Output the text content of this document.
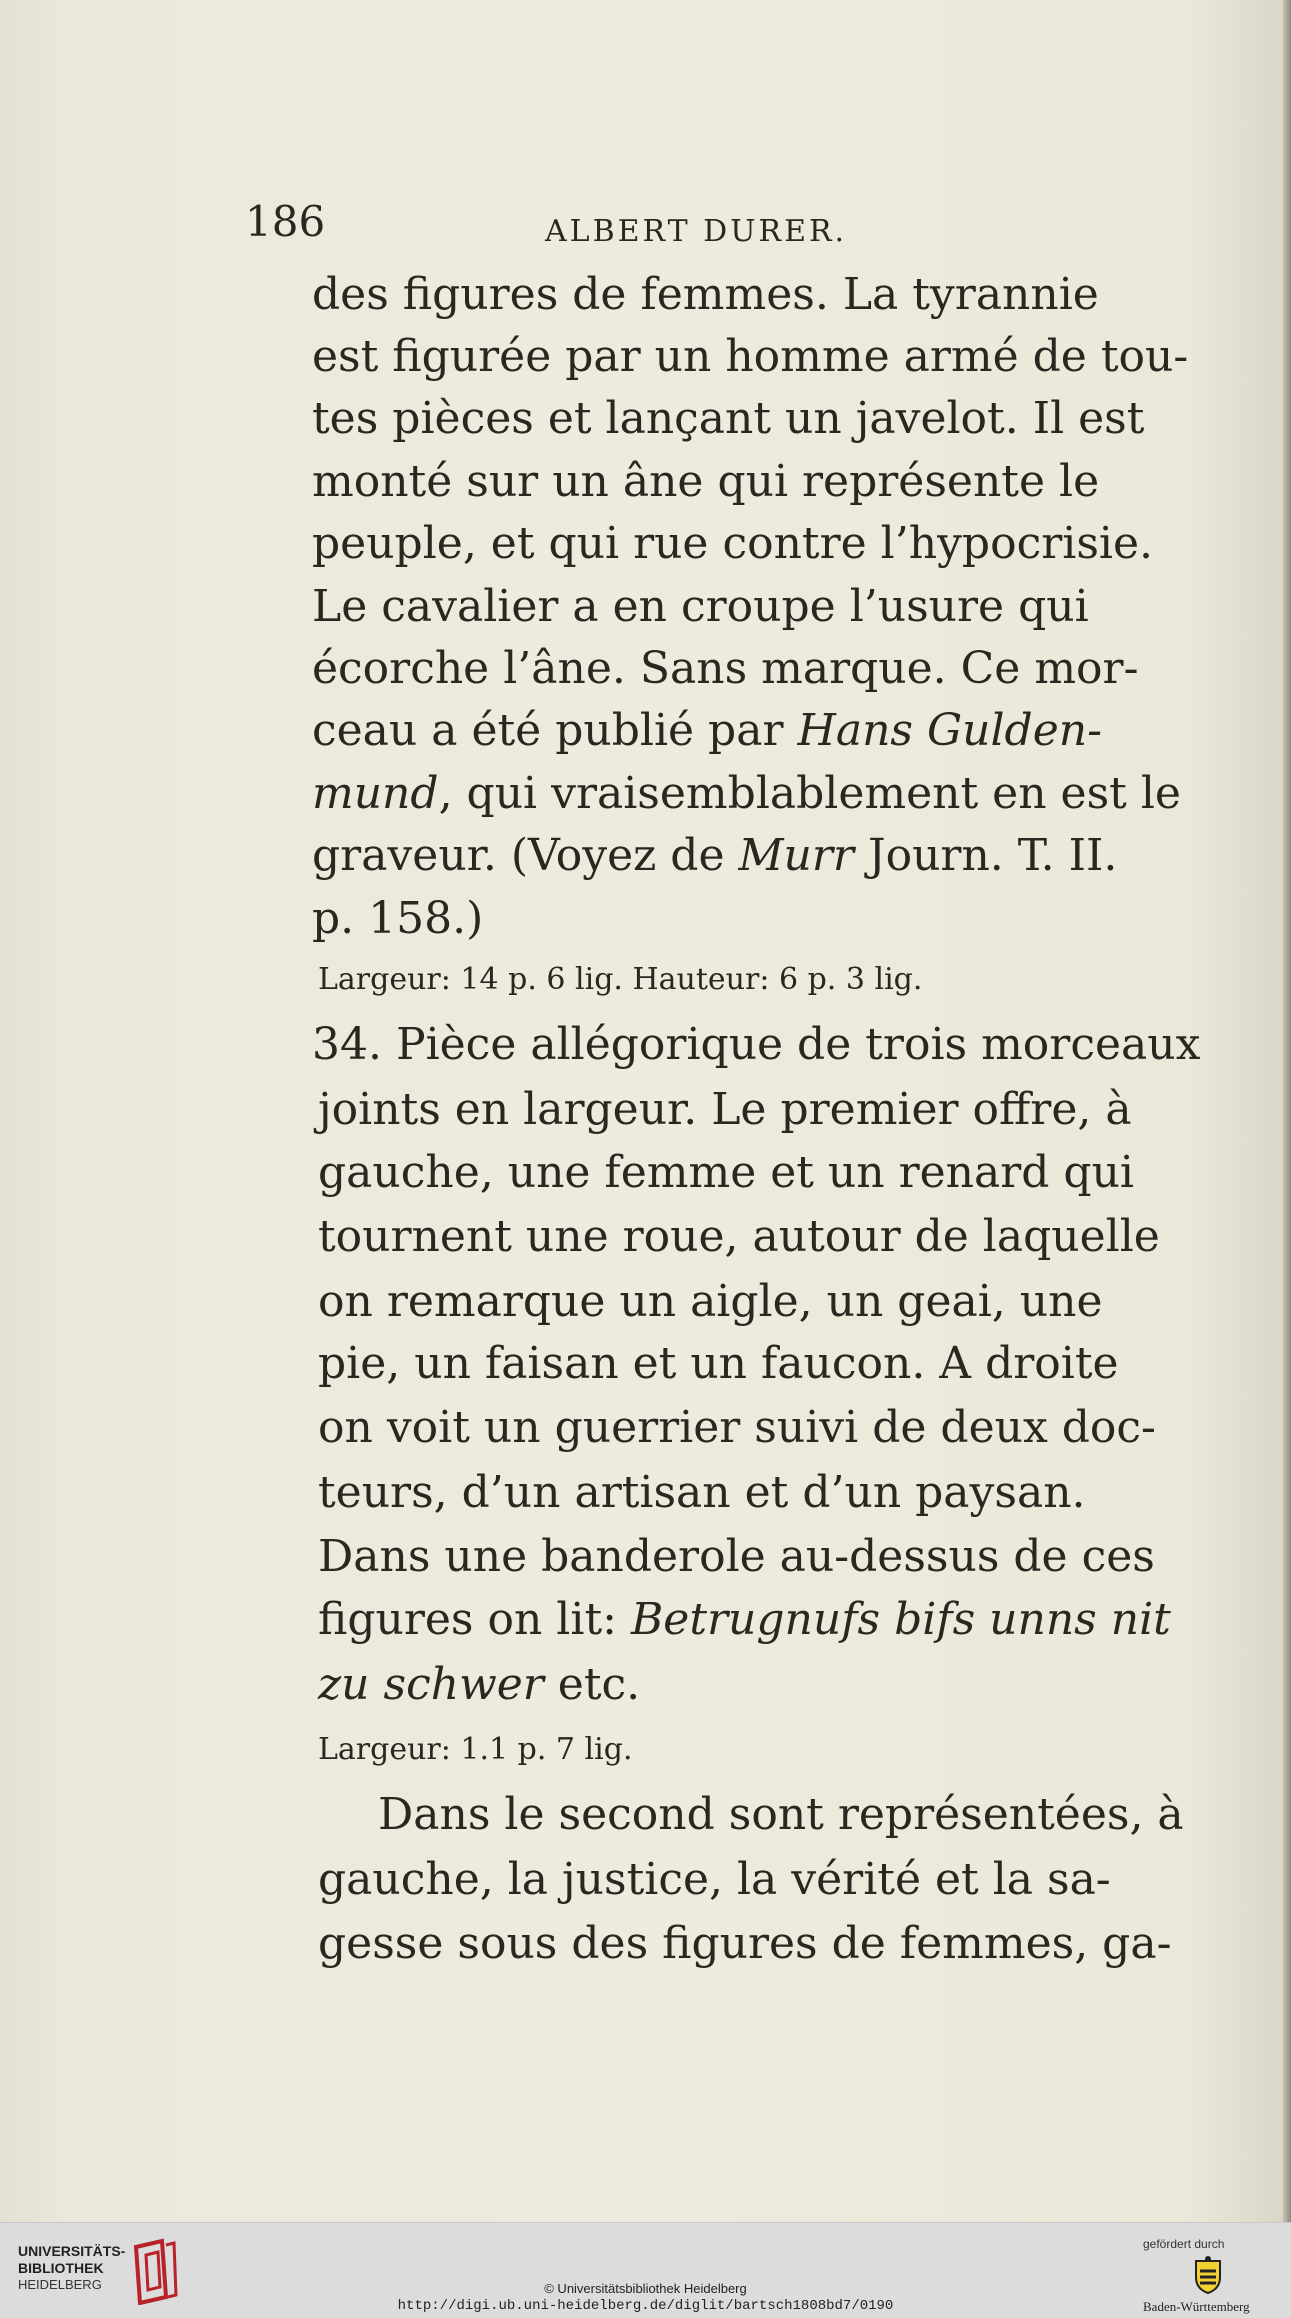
186	ALBERT DURER.
des figures de femmes. La tyrannie
est figurée par un homme armé de tou-
tes pièces et lançant un javelot. Il est
monté sur un âne qui représente le
peuple, et qui rue contre l’hypocrisie.
Le cavalier a en croupe l’usure qui
écorche l’âne. Sans marque. Ce mor-
ceau a été publié par Hans Gulden-
mund, qui vraisemblablement en est le
graveur. (Voyez de Murr Journ. T. II.
p. 158.)
Largeur: 14 p. 6 lig. Hauteur: 6 p. 3 lig.
34. Pièce allégorique de trois morceaux
joints en largeur. Le premier offre, à
gauche, une femme et un renard qui
tournent une roue, autour de laquelle
on remarque un aigle, un geai, une
pie, un faisan et un faucon. A droite
on voit un guerrier suivi de deux doc-
teurs, d’un artisan et d’un paysan.
Dans une banderole au-dessus de ces
figures on lit: Betrugnufs bifs unns nit
zu schwer etc.
Largeur: 1.1 p. 7 lig.
Dans le second sont représentées, à
gauche, la justice, la vérité et la sa-
gesse sous des figures de femmes, ga-
UNIVERSITÄTS-
BIBLIOTHEK
HEIDELBERG	© Universitätsbibliothek Heidelberg
http://digi.ub.uni-heidelberg.de/diglit/bartsch1808bd7/0190
gefördert durch
Baden-Württemberg
